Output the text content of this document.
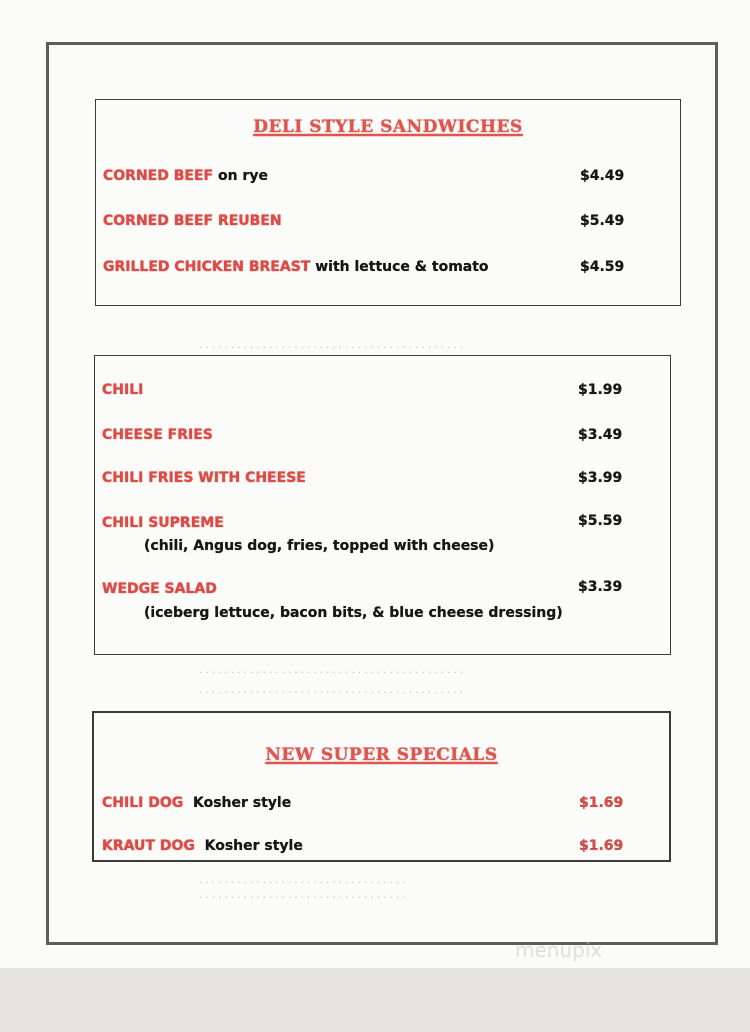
. . . . . . . . . . . . . . . . . . . . . . . . . . . . . . . . . . . . . . . . . .
. . . . . . . . . . . . . . . . . . . . . . . . . . . . . . . . . . . . . . . . . .
. . . . . . . . . . . . . . . . . . . . . . . . . . . . . . . . . . . . . . . . . .
. . . . . . . . . . . . . . . . . . . . . . . . . . . . . . . . .
. . . . . . . . . . . . . . . . . . . . . . . . . . . . . . . . .
DELI STYLE SANDWICHES
CORNED BEEF on rye	$4.49
CORNED BEEF REUBEN	$5.49
GRILLED CHICKEN BREAST with lettuce & tomato	$4.59
CHILI	$1.99
CHEESE FRIES	$3.49
CHILI FRIES WITH CHEESE	$3.99
CHILI SUPREME	$5.59
(chili, Angus dog, fries, topped with cheese)
WEDGE SALAD	$3.39
(iceberg lettuce, bacon bits, & blue cheese dressing)
NEW SUPER SPECIALS
CHILI DOG  Kosher style	$1.69
KRAUT DOG  Kosher style	$1.69
menupix
